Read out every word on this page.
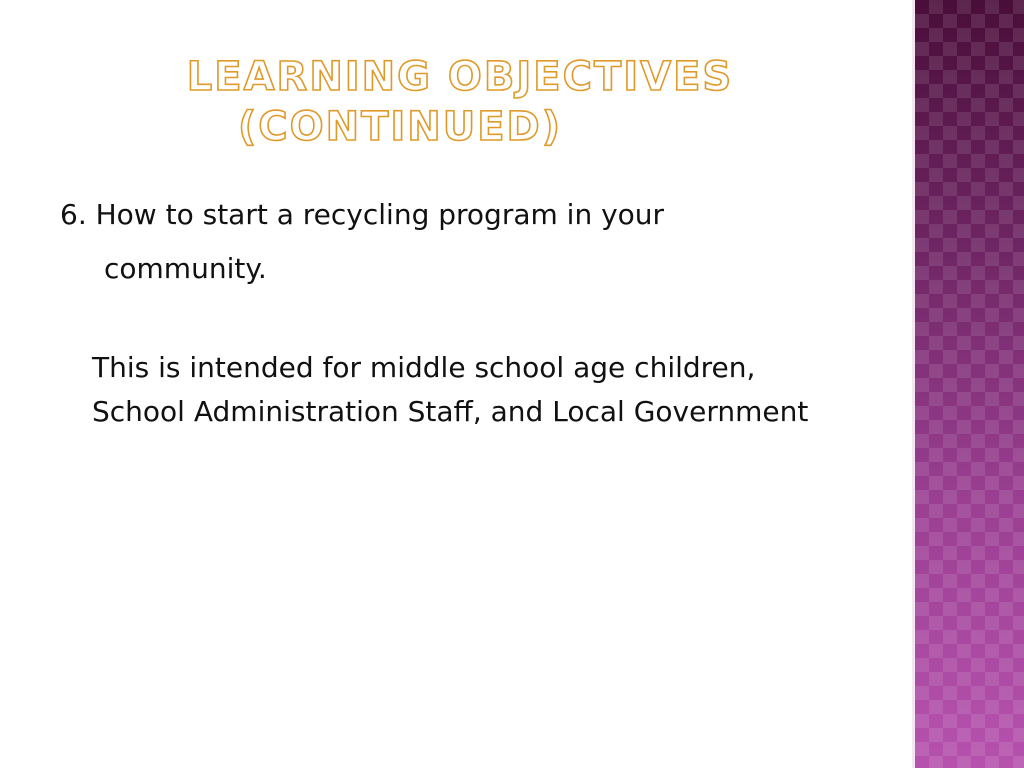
LEARNING OBJECTIVES
(CONTINUED)
6. How to start a recycling program in your
community.
This is intended for middle school age children, School Administration Staff, and Local Government
